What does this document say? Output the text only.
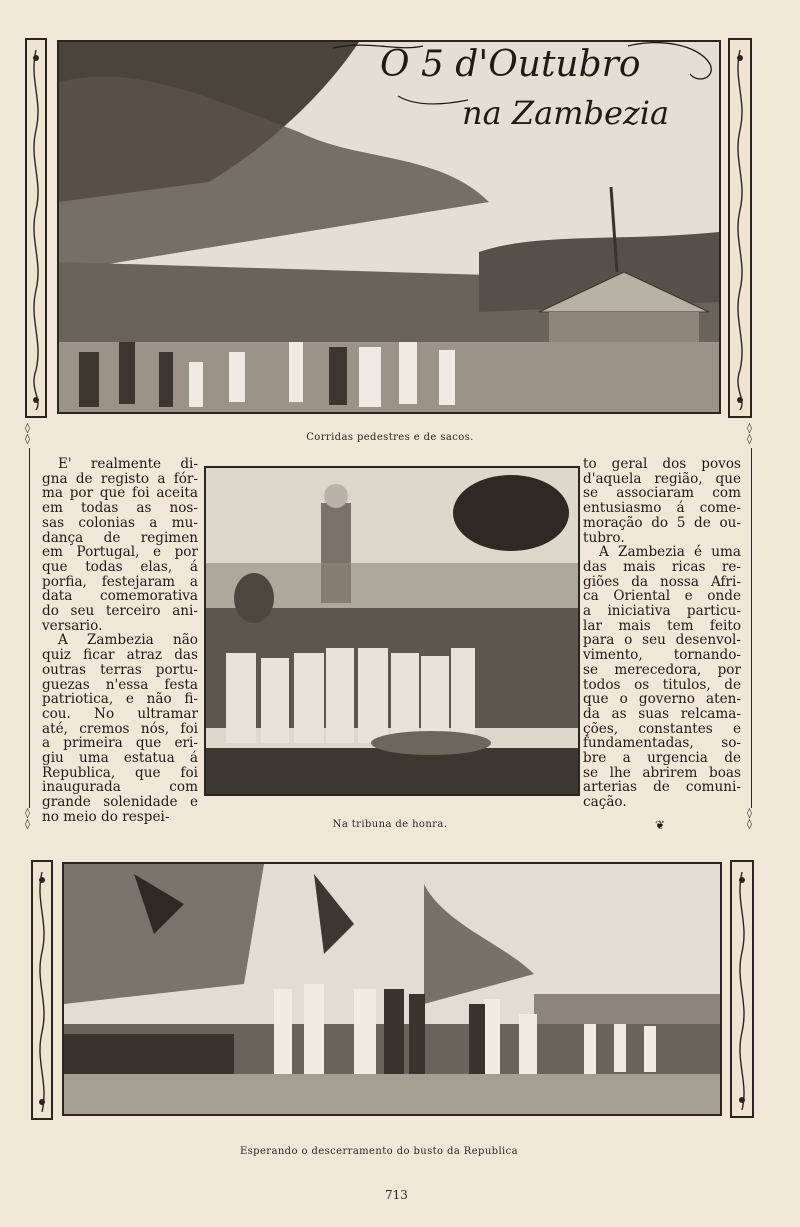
O 5 d'Outubro
na Zambezia
Corridas pedestres e de sacos.
◊
◊
◊
◊
◊
◊
◊
◊
E' realmente di-
gna de registo a fór-
ma por que foi aceita
em todas as nos-
sas colonias a mu-
dança de regimen
em Portugal, e por
que todas elas, á
porfia, festejaram a
data comemorativa
do seu terceiro ani-
versario.
A Zambezia não
quiz ficar atraz das
outras terras portu-
guezas n'essa festa
patriotica, e não fi-
cou. No ultramar
até, cremos nós, foi
a primeira que eri-
giu uma estatua á
Republica, que foi
inaugurada com
grande solenidade e
no meio do respei-
to geral dos povos
d'aquela região, que
se associaram com
entusiasmo á come-
moração do 5 de ou-
tubro.
A Zambezia é uma
das mais ricas re-
giões da nossa Afri-
ca Oriental e onde
a iniciativa particu-
lar mais tem feito
para o seu desenvol-
vimento, tornando-
se merecedora, por
todos os titulos, de
que o governo aten-
da as suas relcama-
ções, constantes e
fundamentadas, so-
bre a urgencia de
se lhe abrirem boas
arterias de comuni-
cação.
Na tribuna de honra.	❦
Esperando o descerramento do busto da Republica
713
